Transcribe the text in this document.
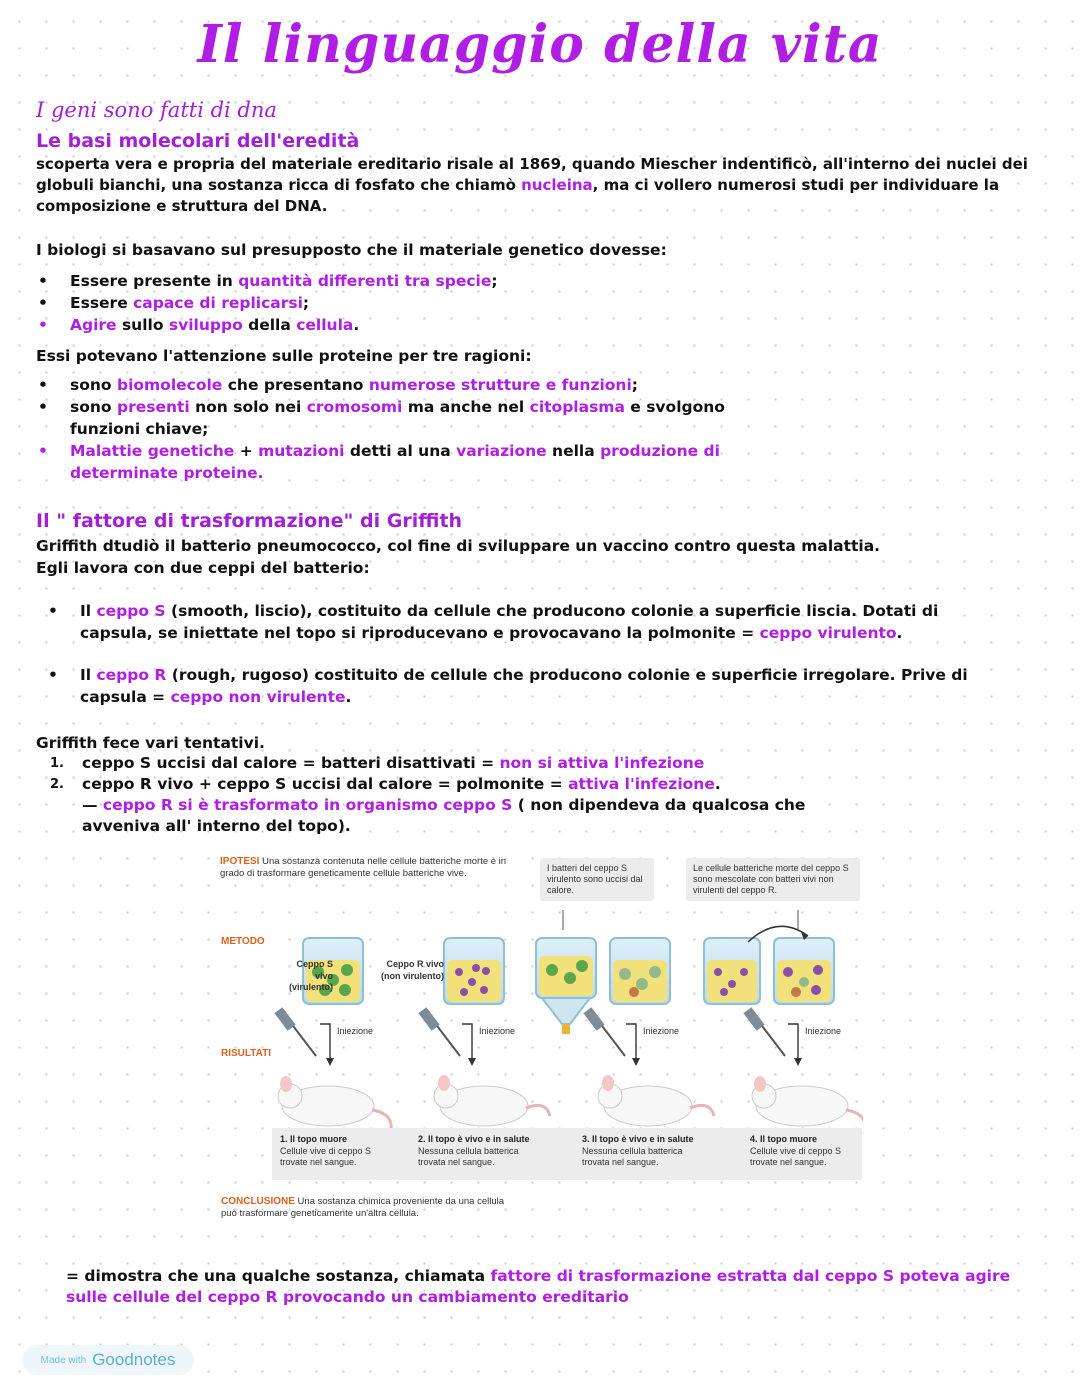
Il linguaggio della vita
I geni sono fatti di dna
Le basi molecolari dell'eredità
scoperta vera e propria del materiale ereditario risale al 1869, quando Miescher indentificò, all'interno dei nuclei dei globuli bianchi, una sostanza ricca di fosfato che chiamò nucleina, ma ci vollero numerosi studi per individuare la composizione e struttura del DNA.
I biologi si basavano sul presupposto che il materiale genetico dovesse:
• Essere presente in quantità differenti tra specie;
• Essere capace di replicarsi;
• Agire sullo sviluppo della cellula.
Essi potevano l'attenzione sulle proteine per tre ragioni:
• sono biomolecole che presentano numerose strutture e funzioni;
• sono presenti non solo nei cromosomi ma anche nel citoplasma e svolgono funzioni chiave;
• Malattie genetiche + mutazioni detti al una variazione nella produzione di determinate proteine.
Il " fattore di trasformazione" di Griffith
Griffith dtudiò il batterio pneumococco, col fine di sviluppare un vaccino contro questa malattia.
Egli lavora con due ceppi del batterio:
• Il ceppo S (smooth, liscio), costituito da cellule che producono colonie a superficie liscia. Dotati di capsula, se iniettate nel topo si riproducevano e provocavano la polmonite = ceppo virulento.
• Il ceppo R (rough, rugoso) costituito de cellule che producono colonie e superficie irregolare. Prive di capsula = ceppo non virulente.
Griffith fece vari tentativi.
1. ceppo S uccisi dal calore = batteri disattivati = non si attiva l'infezione
2. ceppo R vivo + ceppo S uccisi dal calore = polmonite = attiva l'infezione.
— ceppo R si è trasformato in organismo ceppo S ( non dipendeva da qualcosa che avveniva all' interno del topo).
IPOTESI Una sostanza contenuta nelle cellule batteriche morte è in grado di trasformare geneticamente cellule batteriche vive.	I batteri del ceppo S virulento sono uccisi dal calore.
Le cellule batteriche morte del ceppo S sono mescolate con batteri vivi non virulenti del ceppo R.
METODO
RISULTATI
Ceppo S vivo (virulento)
Ceppo R vivo (non virulento)
Iniezione	Iniezione	Iniezione	Iniezione
1. Il topo muore
Cellule vive di ceppo S trovate nel sangue.
2. Il topo è vivo e in salute
Nessuna cellula batterica trovata nel sangue.
3. Il topo è vivo e in salute
Nessuna cellula batterica trovata nel sangue.
4. Il topo muore
Cellule vive di ceppo S trovate nel sangue.
CONCLUSIONE Una sostanza chimica proveniente da una cellula può trasformare geneticamente un'altra cellula.
= dimostra che una qualche sostanza, chiamata fattore di trasformazione estratta dal ceppo S poteva agire sulle cellule del ceppo R provocando un cambiamento ereditario
Made with Goodnotes
